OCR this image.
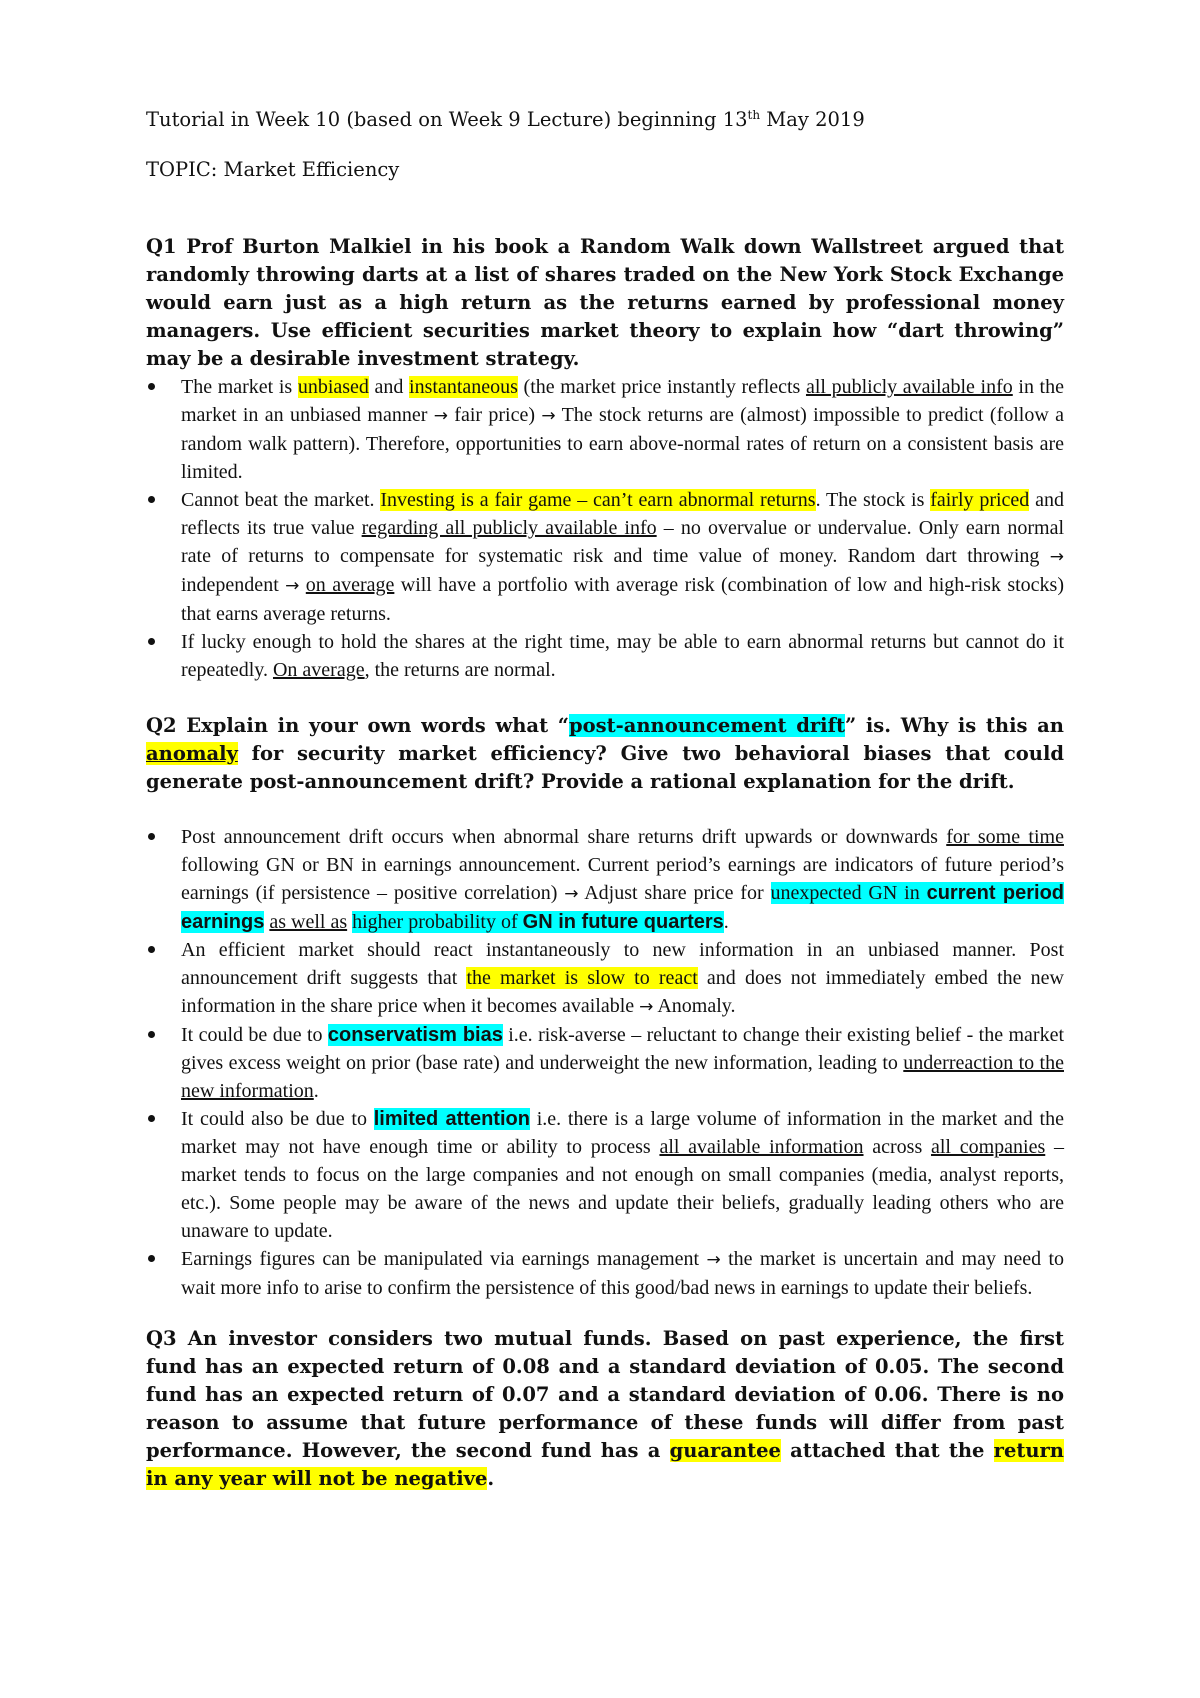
Tutorial in Week 10 (based on Week 9 Lecture) beginning 13th May 2019

TOPIC: Market Efficiency

Q1 Prof Burton Malkiel in his book a Random Walk down Wallstreet argued that randomly throwing darts at a list of shares traded on the New York Stock Exchange would earn just as a high return as the returns earned by professional money managers. Use efficient securities market theory to explain how “dart throwing” may be a desirable investment strategy.

The market is unbiased and instantaneous (the market price instantly reflects all publicly available info in the market in an unbiased manner → fair price) → The stock returns are (almost) impossible to predict (follow a random walk pattern). Therefore, opportunities to earn above-normal rates of return on a consistent basis are limited.
Cannot beat the market. Investing is a fair game – can’t earn abnormal returns. The stock is fairly priced and reflects its true value regarding all publicly available info – no overvalue or undervalue. Only earn normal rate of returns to compensate for systematic risk and time value of money. Random dart throwing → independent → on average will have a portfolio with average risk (combination of low and high-risk stocks) that earns average returns.
If lucky enough to hold the shares at the right time, may be able to earn abnormal returns but cannot do it repeatedly. On average, the returns are normal.

Q2 Explain in your own words what “post-announcement drift” is. Why is this an anomaly for security market efficiency? Give two behavioral biases that could generate post-announcement drift? Provide a rational explanation for the drift.

Post announcement drift occurs when abnormal share returns drift upwards or downwards for some time following GN or BN in earnings announcement. Current period’s earnings are indicators of future period’s earnings (if persistence – positive correlation) → Adjust share price for unexpected GN in current period earnings as well as higher probability of GN in future quarters.
An efficient market should react instantaneously to new information in an unbiased manner. Post announcement drift suggests that the market is slow to react and does not immediately embed the new information in the share price when it becomes available → Anomaly.
It could be due to conservatism bias i.e. risk-averse – reluctant to change their existing belief - the market gives excess weight on prior (base rate) and underweight the new information, leading to underreaction to the new information.
It could also be due to limited attention i.e. there is a large volume of information in the market and the market may not have enough time or ability to process all available information across all companies – market tends to focus on the large companies and not enough on small companies (media, analyst reports, etc.). Some people may be aware of the news and update their beliefs, gradually leading others who are unaware to update.
Earnings figures can be manipulated via earnings management → the market is uncertain and may need to wait more info to arise to confirm the persistence of this good/bad news in earnings to update their beliefs.

Q3 An investor considers two mutual funds. Based on past experience, the first fund has an expected return of 0.08 and a standard deviation of 0.05. The second fund has an expected return of 0.07 and a standard deviation of 0.06. There is no reason to assume that future performance of these funds will differ from past performance. However, the second fund has a guarantee attached that the return in any year will not be negative.
